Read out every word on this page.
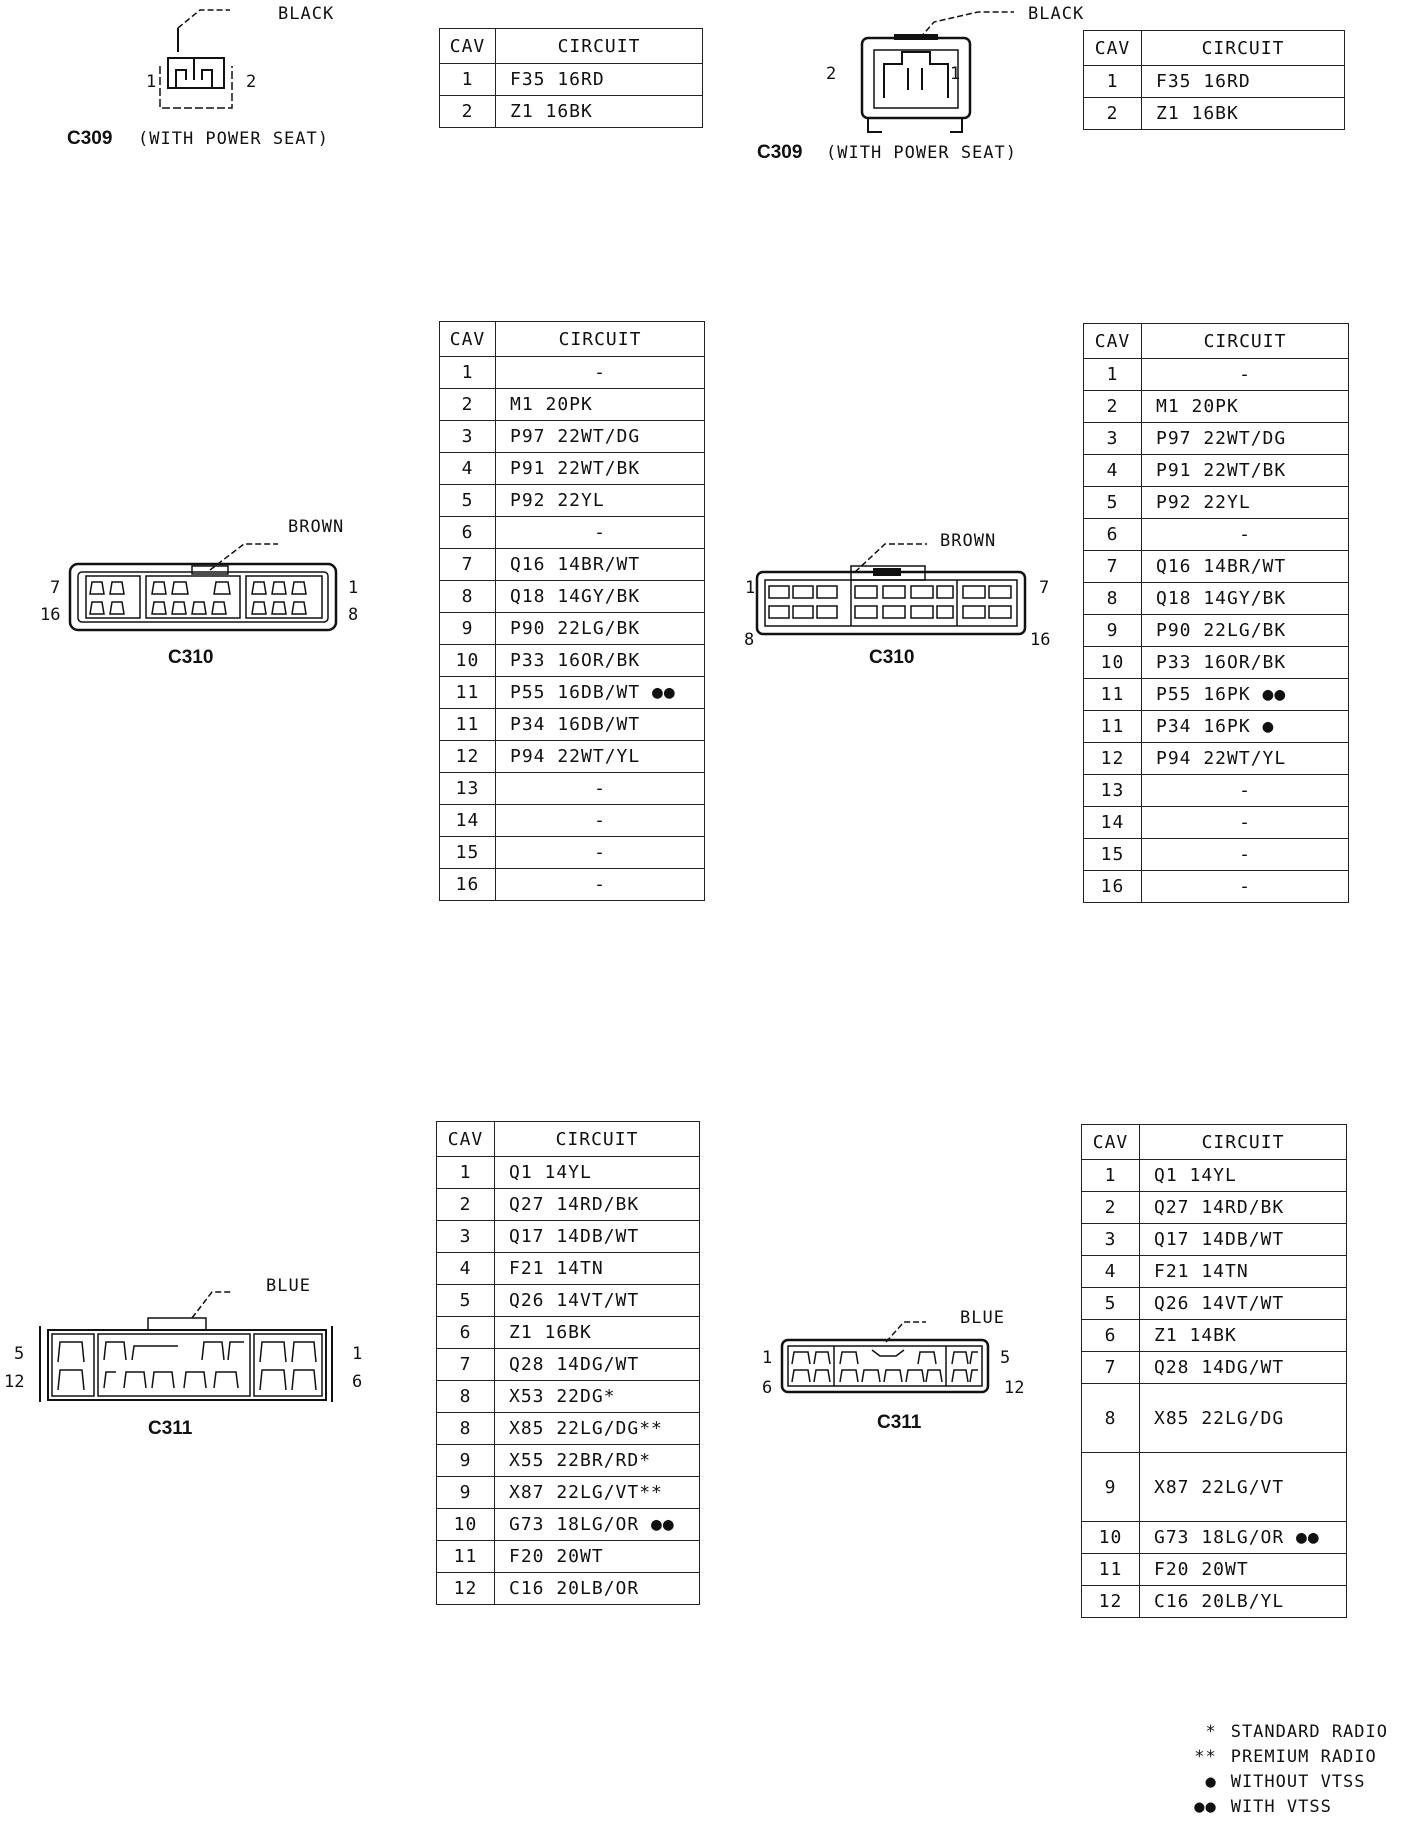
BLACK
1	2
C309 (WITH POWER SEAT)
CAV	CIRCUIT
1	F35 16RD
2	Z1 16BK
BLACK
2	1
C309 (WITH POWER SEAT)
CAV	CIRCUIT
1	F35 16RD
2	Z1 16BK
BROWN
7
16
1
8
C310
CAV	CIRCUIT
1	-
2	M1 20PK
3	P97 22WT/DG
4	P91 22WT/BK
5	P92 22YL
6	-
7	Q16 14BR/WT
8	Q18 14GY/BK
9	P90 22LG/BK
10	P33 16OR/BK
11	P55 16DB/WT ●●
11	P34 16DB/WT
12	P94 22WT/YL
13	-
14	-
15	-
16	-
BROWN
1
8
7
16
C310
CAV	CIRCUIT
1	-
2	M1 20PK
3	P97 22WT/DG
4	P91 22WT/BK
5	P92 22YL
6	-
7	Q16 14BR/WT
8	Q18 14GY/BK
9	P90 22LG/BK
10	P33 16OR/BK
11	P55 16PK ●●
11	P34 16PK ●
12	P94 22WT/YL
13	-
14	-
15	-
16	-
BLUE
5
12
1
6
C311
CAV	CIRCUIT
1	Q1 14YL
2	Q27 14RD/BK
3	Q17 14DB/WT
4	F21 14TN
5	Q26 14VT/WT
6	Z1 16BK
7	Q28 14DG/WT
8	X53 22DG*
8	X85 22LG/DG**
9	X55 22BR/RD*
9	X87 22LG/VT**
10	G73 18LG/OR ●●
11	F20 20WT
12	C16 20LB/OR
BLUE
1
6
5
12
C311
CAV	CIRCUIT
1	Q1 14YL
2	Q27 14RD/BK
3	Q17 14DB/WT
4	F21 14TN
5	Q26 14VT/WT
6	Z1 14BK
7	Q28 14DG/WT
8	X85 22LG/DG
9	X87 22LG/VT
10	G73 18LG/OR ●●
11	F20 20WT
12	C16 20LB/YL
* STANDARD RADIO
** PREMIUM RADIO
● WITHOUT VTSS
●● WITH VTSS
